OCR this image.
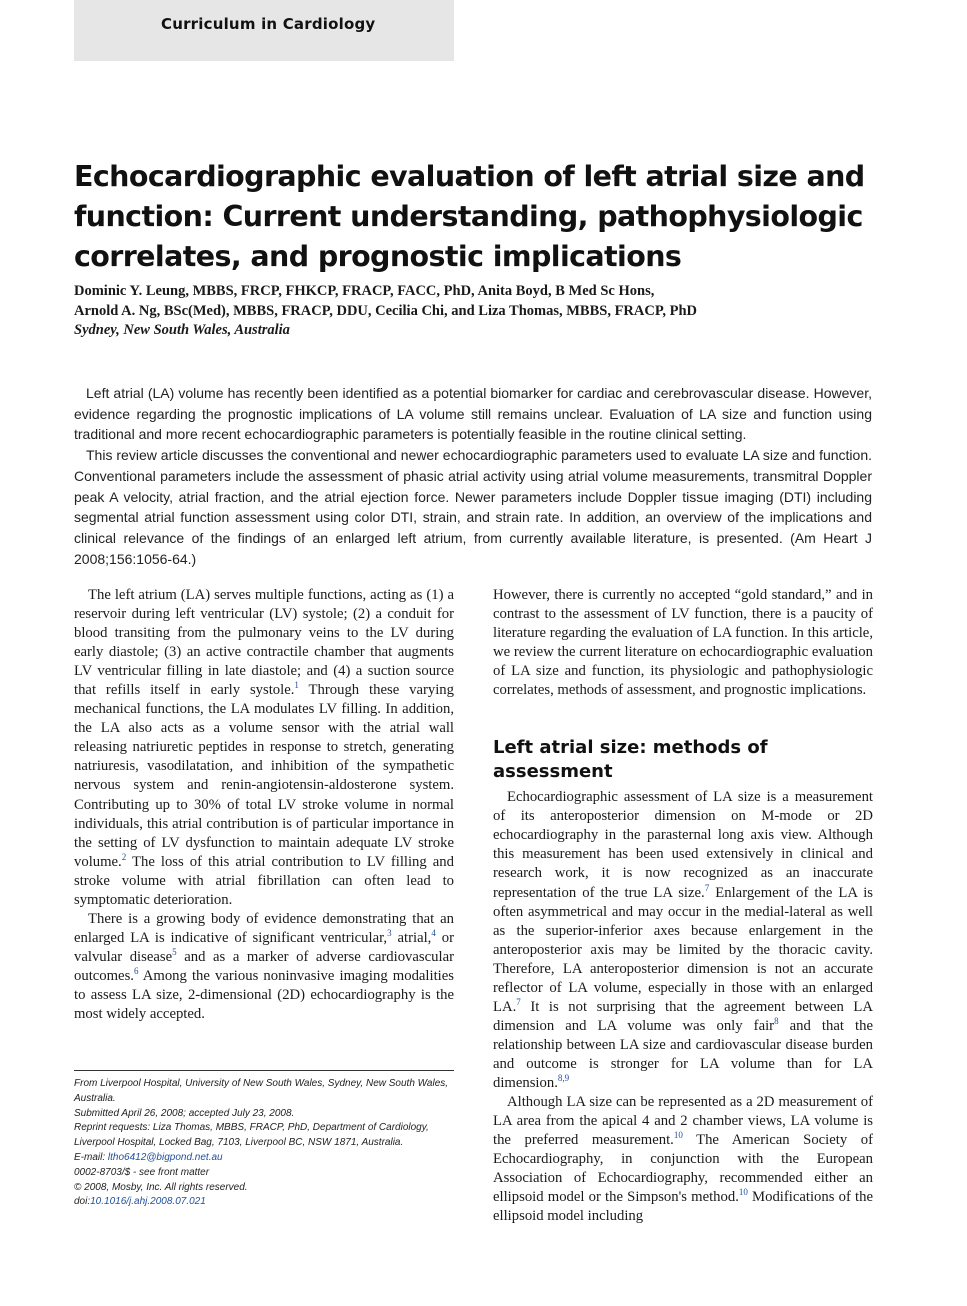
Curriculum in Cardiology
Echocardiographic evaluation of left atrial size and function: Current understanding, pathophysiologic correlates, and prognostic implications
Dominic Y. Leung, MBBS, FRCP, FHKCP, FRACP, FACC, PhD, Anita Boyd, B Med Sc Hons,
Arnold A. Ng, BSc(Med), MBBS, FRACP, DDU, Cecilia Chi, and Liza Thomas, MBBS, FRACP, PhD
Sydney, New South Wales, Australia

Left atrial (LA) volume has recently been identified as a potential biomarker for cardiac and cerebrovascular disease. However, evidence regarding the prognostic implications of LA volume still remains unclear. Evaluation of LA size and function using traditional and more recent echocardiographic parameters is potentially feasible in the routine clinical setting.

This review article discusses the conventional and newer echocardiographic parameters used to evaluate LA size and function. Conventional parameters include the assessment of phasic atrial activity using atrial volume measurements, transmitral Doppler peak A velocity, atrial fraction, and the atrial ejection force. Newer parameters include Doppler tissue imaging (DTI) including segmental atrial function assessment using color DTI, strain, and strain rate. In addition, an overview of the implications and clinical relevance of the findings of an enlarged left atrium, from currently available literature, is presented. (Am Heart J 2008;156:1056-64.)

The left atrium (LA) serves multiple functions, acting as (1) a reservoir during left ventricular (LV) systole; (2) a conduit for blood transiting from the pulmonary veins to the LV during early diastole; (3) an active contractile chamber that augments LV ventricular filling in late diastole; and (4) a suction source that refills itself in early systole.$^1$ Through these varying mechanical functions, the LA modulates LV filling. In addition, the LA also acts as a volume sensor with the atrial wall releasing natriuretic peptides in response to stretch, generating natriuresis, vasodilatation, and inhibition of the sympathetic nervous system and renin-angiotensin-aldosterone system. Contributing up to 30% of total LV stroke volume in normal individuals, this atrial contribution is of particular importance in the setting of LV dysfunction to maintain adequate LV stroke volume.$^2$ The loss of this atrial contribution to LV filling and stroke volume with atrial fibrillation can often lead to symptomatic deterioration.

There is a growing body of evidence demonstrating that an enlarged LA is indicative of significant ventricular,$^3$ atrial,$^4$ or valvular disease$^5$ and as a marker of adverse cardiovascular outcomes.$^6$ Among the various noninvasive imaging modalities to assess LA size, 2-dimensional (2D) echocardiography is the most widely accepted.

However, there is currently no accepted “gold standard,” and in contrast to the assessment of LV function, there is a paucity of literature regarding the evaluation of LA function. In this article, we review the current literature on echocardiographic evaluation of LA size and function, its physiologic and pathophysiologic correlates, methods of assessment, and prognostic implications.

Left atrial size: methods of assessment

Echocardiographic assessment of LA size is a measurement of its anteroposterior dimension on M-mode or 2D echocardiography in the parasternal long axis view. Although this measurement has been used extensively in clinical and research work, it is now recognized as an inaccurate representation of the true LA size.$^7$ Enlargement of the LA is often asymmetrical and may occur in the medial-lateral as well as the superior-inferior axes because enlargement in the anteroposterior axis may be limited by the thoracic cavity. Therefore, LA anteroposterior dimension is not an accurate reflector of LA volume, especially in those with an enlarged LA.$^7$ It is not surprising that the agreement between LA dimension and LA volume was only fair$^8$ and that the relationship between LA size and cardiovascular disease burden and outcome is stronger for LA volume than for LA dimension.$^{8,9}$

Although LA size can be represented as a 2D measurement of LA area from the apical 4 and 2 chamber views, LA volume is the preferred measurement.$^{10}$ The American Society of Echocardiography, in conjunction with the European Association of Echocardiography, recommended either an ellipsoid model or the Simpson's method.$^{10}$ Modifications of the ellipsoid model including

From Liverpool Hospital, University of New South Wales, Sydney, New South Wales, Australia.
Submitted April 26, 2008; accepted July 23, 2008.
Reprint requests: Liza Thomas, MBBS, FRACP, PhD, Department of Cardiology, Liverpool Hospital, Locked Bag, 7103, Liverpool BC, NSW 1871, Australia.
E-mail: ltho6412@bigpond.net.au
0002-8703/$ - see front matter
© 2008, Mosby, Inc. All rights reserved.
doi:10.1016/j.ahj.2008.07.021
